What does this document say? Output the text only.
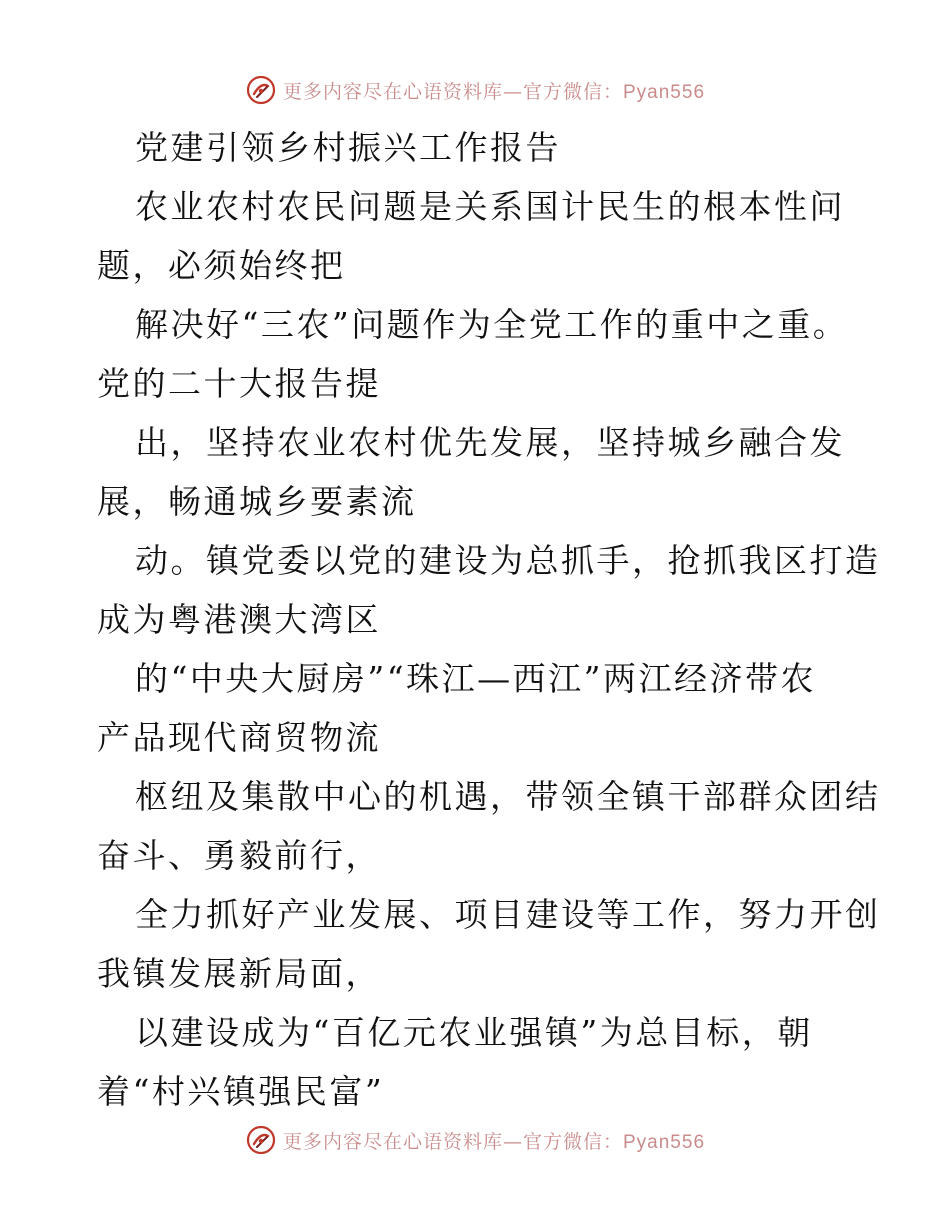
更多内容尽在心语资料库—官方微信：Pyan556
党建引领乡村振兴工作报告
农业农村农民问题是关系国计民生的根本性问
题，必须始终把
解决好“三农”问题作为全党工作的重中之重。
党的二十大报告提
出，坚持农业农村优先发展，坚持城乡融合发
展，畅通城乡要素流
动。镇党委以党的建设为总抓手，抢抓我区打造
成为粤港澳大湾区
的“中央大厨房”“珠江—西江”两江经济带农
产品现代商贸物流
枢纽及集散中心的机遇，带领全镇干部群众团结
奋斗、勇毅前行，
全力抓好产业发展、项目建设等工作，努力开创
我镇发展新局面，
以建设成为“百亿元农业强镇”为总目标，朝
着“村兴镇强民富”
更多内容尽在心语资料库—官方微信：Pyan556
